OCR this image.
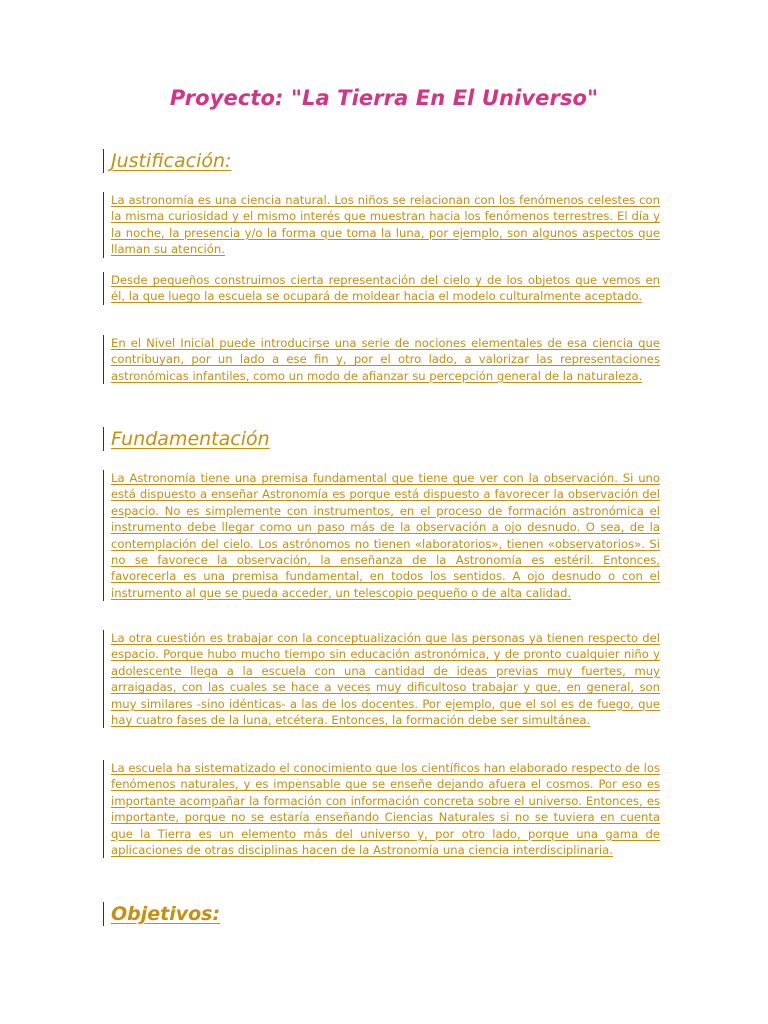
Proyecto: "La Tierra En El Universo"
Justificación:

La astronomía es una ciencia natural. Los niños se relacionan con los fenómenos celestes con la misma curiosidad y el mismo interés que muestran hacia los fenómenos terrestres. El día y la noche, la presencia y/o la forma que toma la luna, por ejemplo, son algunos aspectos que llaman su atención.

Desde pequeños construimos cierta representación del cielo y de los objetos que vemos en él, la que luego la escuela se ocupará de moldear hacia el modelo culturalmente aceptado.

En el Nivel Inicial puede introducirse una serie de nociones elementales de esa ciencia que contribuyan, por un lado a ese fin y, por el otro lado, a valorizar las representaciones astronómicas infantiles, como un modo de afianzar su percepción general de la naturaleza.

Fundamentación

La Astronomía tiene una premisa fundamental que tiene que ver con la observación. Si uno está dispuesto a enseñar Astronomía es porque está dispuesto a favorecer la observación del espacio. No es simplemente con instrumentos, en el proceso de formación astronómica el instrumento debe llegar como un paso más de la observación a ojo desnudo. O sea, de la contemplación del cielo. Los astrónomos no tienen «laboratorios», tienen «observatorios». Si no se favorece la observación, la enseñanza de la Astronomía es estéril. Entonces, favorecerla es una premisa fundamental, en todos los sentidos. A ojo desnudo o con el instrumento al que se pueda acceder, un telescopio pequeño o de alta calidad.

La otra cuestión es trabajar con la conceptualización que las personas ya tienen respecto del espacio. Porque hubo mucho tiempo sin educación astronómica, y de pronto cualquier niño y adolescente llega a la escuela con una cantidad de ideas previas muy fuertes, muy arraigadas, con las cuales se hace a veces muy dificultoso trabajar y que, en general, son muy similares -sino idénticas- a las de los docentes. Por ejemplo, que el sol es de fuego, que hay cuatro fases de la luna, etcétera. Entonces, la formación debe ser simultánea.

La escuela ha sistematizado el conocimiento que los científicos han elaborado respecto de los fenómenos naturales, y es impensable que se enseñe dejando afuera el cosmos. Por eso es importante acompañar la formación con información concreta sobre el universo. Entonces, es importante, porque no se estaría enseñando Ciencias Naturales si no se tuviera en cuenta que la Tierra es un elemento más del universo y, por otro lado, porque una gama de aplicaciones de otras disciplinas hacen de la Astronomía una ciencia interdisciplinaria.

Objetivos:
